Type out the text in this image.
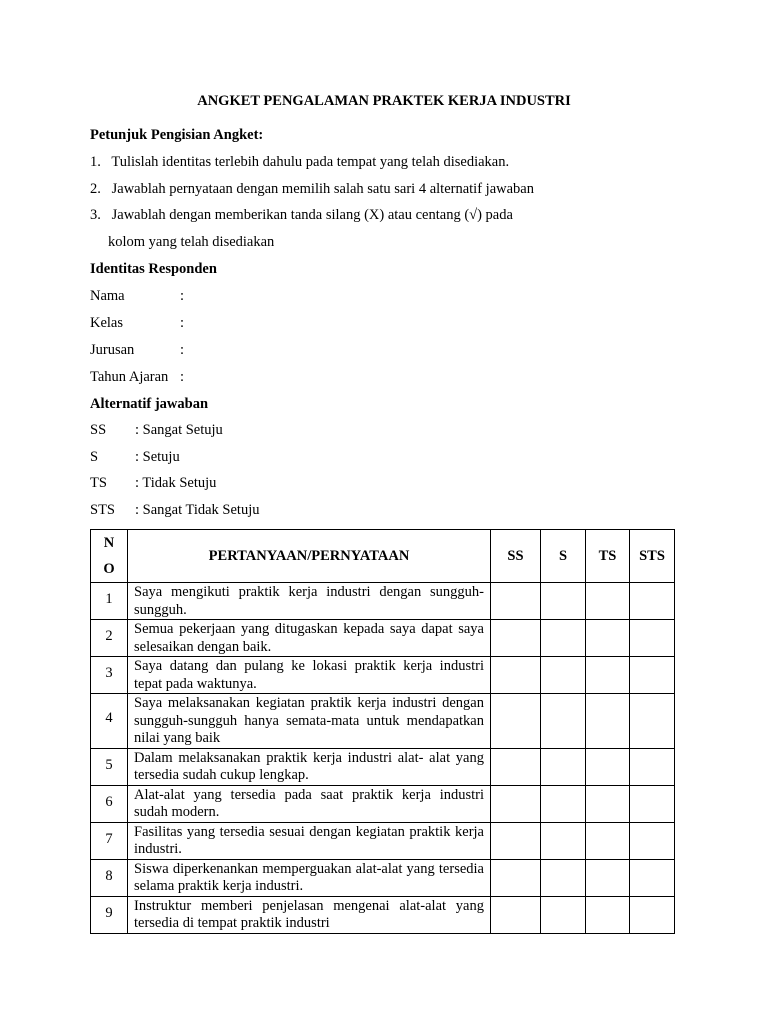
ANGKET PENGALAMAN PRAKTEK KERJA INDUSTRI
Petunjuk Pengisian Angket:
1. Tulislah identitas terlebih dahulu pada tempat yang telah disediakan.
2. Jawablah pernyataan dengan memilih salah satu sari 4 alternatif jawaban
3. Jawablah dengan memberikan tanda silang (X) atau centang (√) pada
kolom yang telah disediakan
Identitas Responden
Nama	:
Kelas	:
Jurusan	:
Tahun Ajaran :
Alternatif jawaban
SS : Sangat Setuju
S	: Setuju
TS : Tidak Setuju
STS : Sangat Tidak Setuju
N
O	PERTANYAAN/PERNYATAAN	SS	S	TS	STS
1	Saya mengikuti praktik kerja industri dengan sungguh-sungguh.				
2	Semua pekerjaan yang ditugaskan kepada saya dapat saya selesaikan dengan baik.				
3	Saya datang dan pulang ke lokasi praktik kerja industri tepat pada waktunya.				
4	Saya melaksanakan kegiatan praktik kerja industri dengan sungguh-sungguh hanya semata-mata untuk mendapatkan nilai yang baik				
5	Dalam melaksanakan praktik kerja industri alat- alat yang tersedia sudah cukup lengkap.				
6	Alat-alat yang tersedia pada saat praktik kerja industri sudah modern.				
7	Fasilitas yang tersedia sesuai dengan kegiatan praktik kerja industri.				
8	Siswa diperkenankan memperguakan alat-alat yang tersedia selama praktik kerja industri.				
9	Instruktur memberi penjelasan mengenai alat-alat yang tersedia di tempat praktik industri				
